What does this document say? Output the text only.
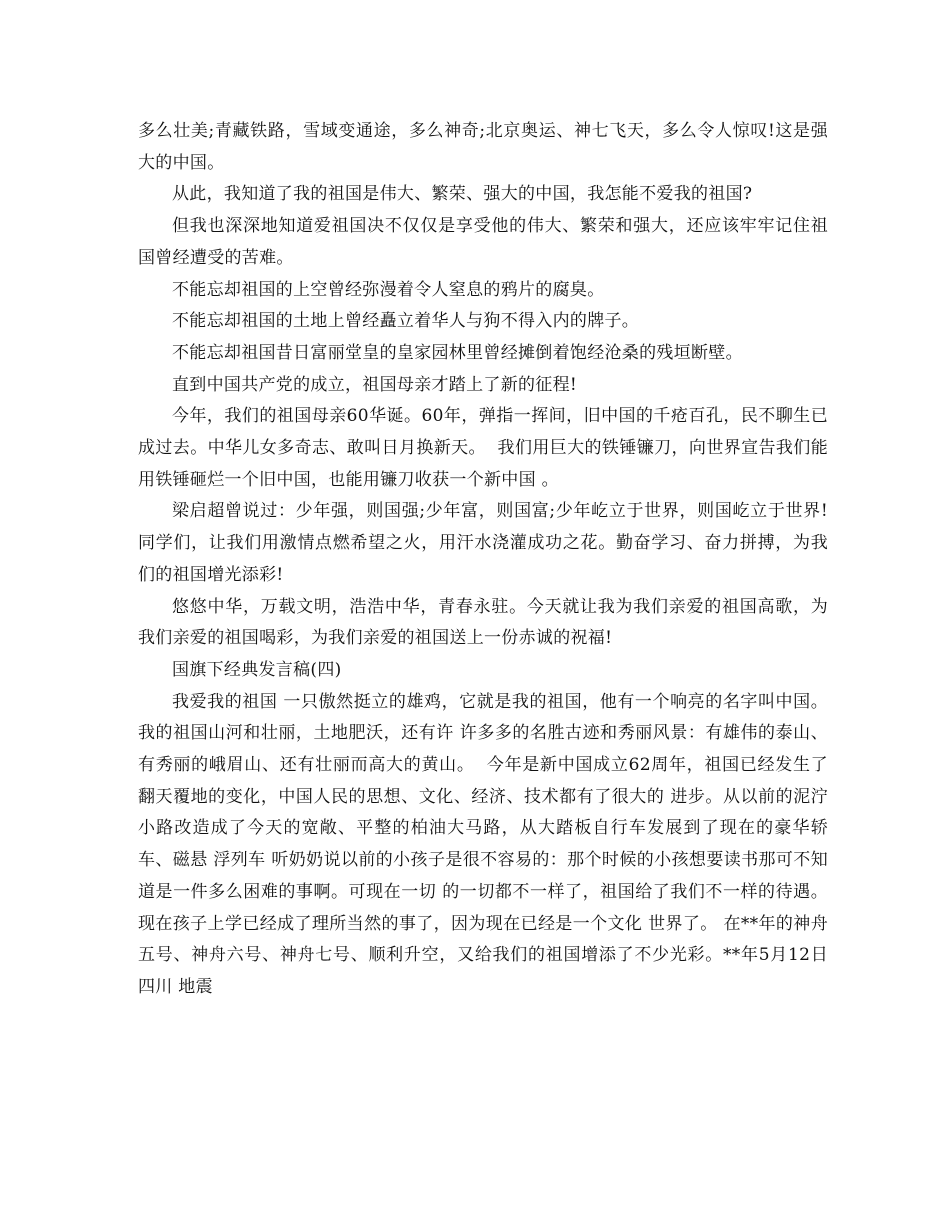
多么壮美;青藏铁路，雪域变通途，多么神奇;北京奥运、神七飞天，多么令人惊叹!这是强大的中国。

从此，我知道了我的祖国是伟大、繁荣、强大的中国，我怎能不爱我的祖国?

但我也深深地知道爱祖国决不仅仅是享受他的伟大、繁荣和强大，还应该牢牢记住祖国曾经遭受的苦难。

不能忘却祖国的上空曾经弥漫着令人窒息的鸦片的腐臭。

不能忘却祖国的土地上曾经矗立着华人与狗不得入内的牌子。

不能忘却祖国昔日富丽堂皇的皇家园林里曾经摊倒着饱经沧桑的残垣断壁。

直到中国共产党的成立，祖国母亲才踏上了新的征程!

今年，我们的祖国母亲60华诞。60年，弹指一挥间，旧中国的千疮百孔，民不聊生已成过去。中华儿女多奇志、敢叫日月换新天。  我们用巨大的铁锤镰刀，向世界宣告我们能用铁锤砸烂一个旧中国，也能用镰刀收获一个新中国 。

梁启超曾说过：少年强，则国强;少年富，则国富;少年屹立于世界，则国屹立于世界!同学们，让我们用激情点燃希望之火，用汗水浇灌成功之花。勤奋学习、奋力拼搏，为我们的祖国增光添彩!

悠悠中华，万载文明，浩浩中华，青春永驻。今天就让我为我们亲爱的祖国高歌，为我们亲爱的祖国喝彩，为我们亲爱的祖国送上一份赤诚的祝福!

国旗下经典发言稿(四)

我爱我的祖国 一只傲然挺立的雄鸡，它就是我的祖国，他有一个响亮的名字叫中国。我的祖国山河和壮丽，土地肥沃，还有许 许多多的名胜古迹和秀丽风景：有雄伟的泰山、有秀丽的峨眉山、还有壮丽而高大的黄山。  今年是新中国成立62周年，祖国已经发生了翻天覆地的变化，中国人民的思想、文化、经济、技术都有了很大的 进步。从以前的泥泞小路改造成了今天的宽敞、平整的柏油大马路，从大踏板自行车发展到了现在的豪华轿车、磁悬 浮列车 听奶奶说以前的小孩子是很不容易的：那个时候的小孩想要读书那可不知道是一件多么困难的事啊。可现在一切 的一切都不一样了，祖国给了我们不一样的待遇。现在孩子上学已经成了理所当然的事了，因为现在已经是一个文化 世界了。 在**年的神舟五号、神舟六号、神舟七号、顺利升空，又给我们的祖国增添了不少光彩。**年5月12日四川 地震
